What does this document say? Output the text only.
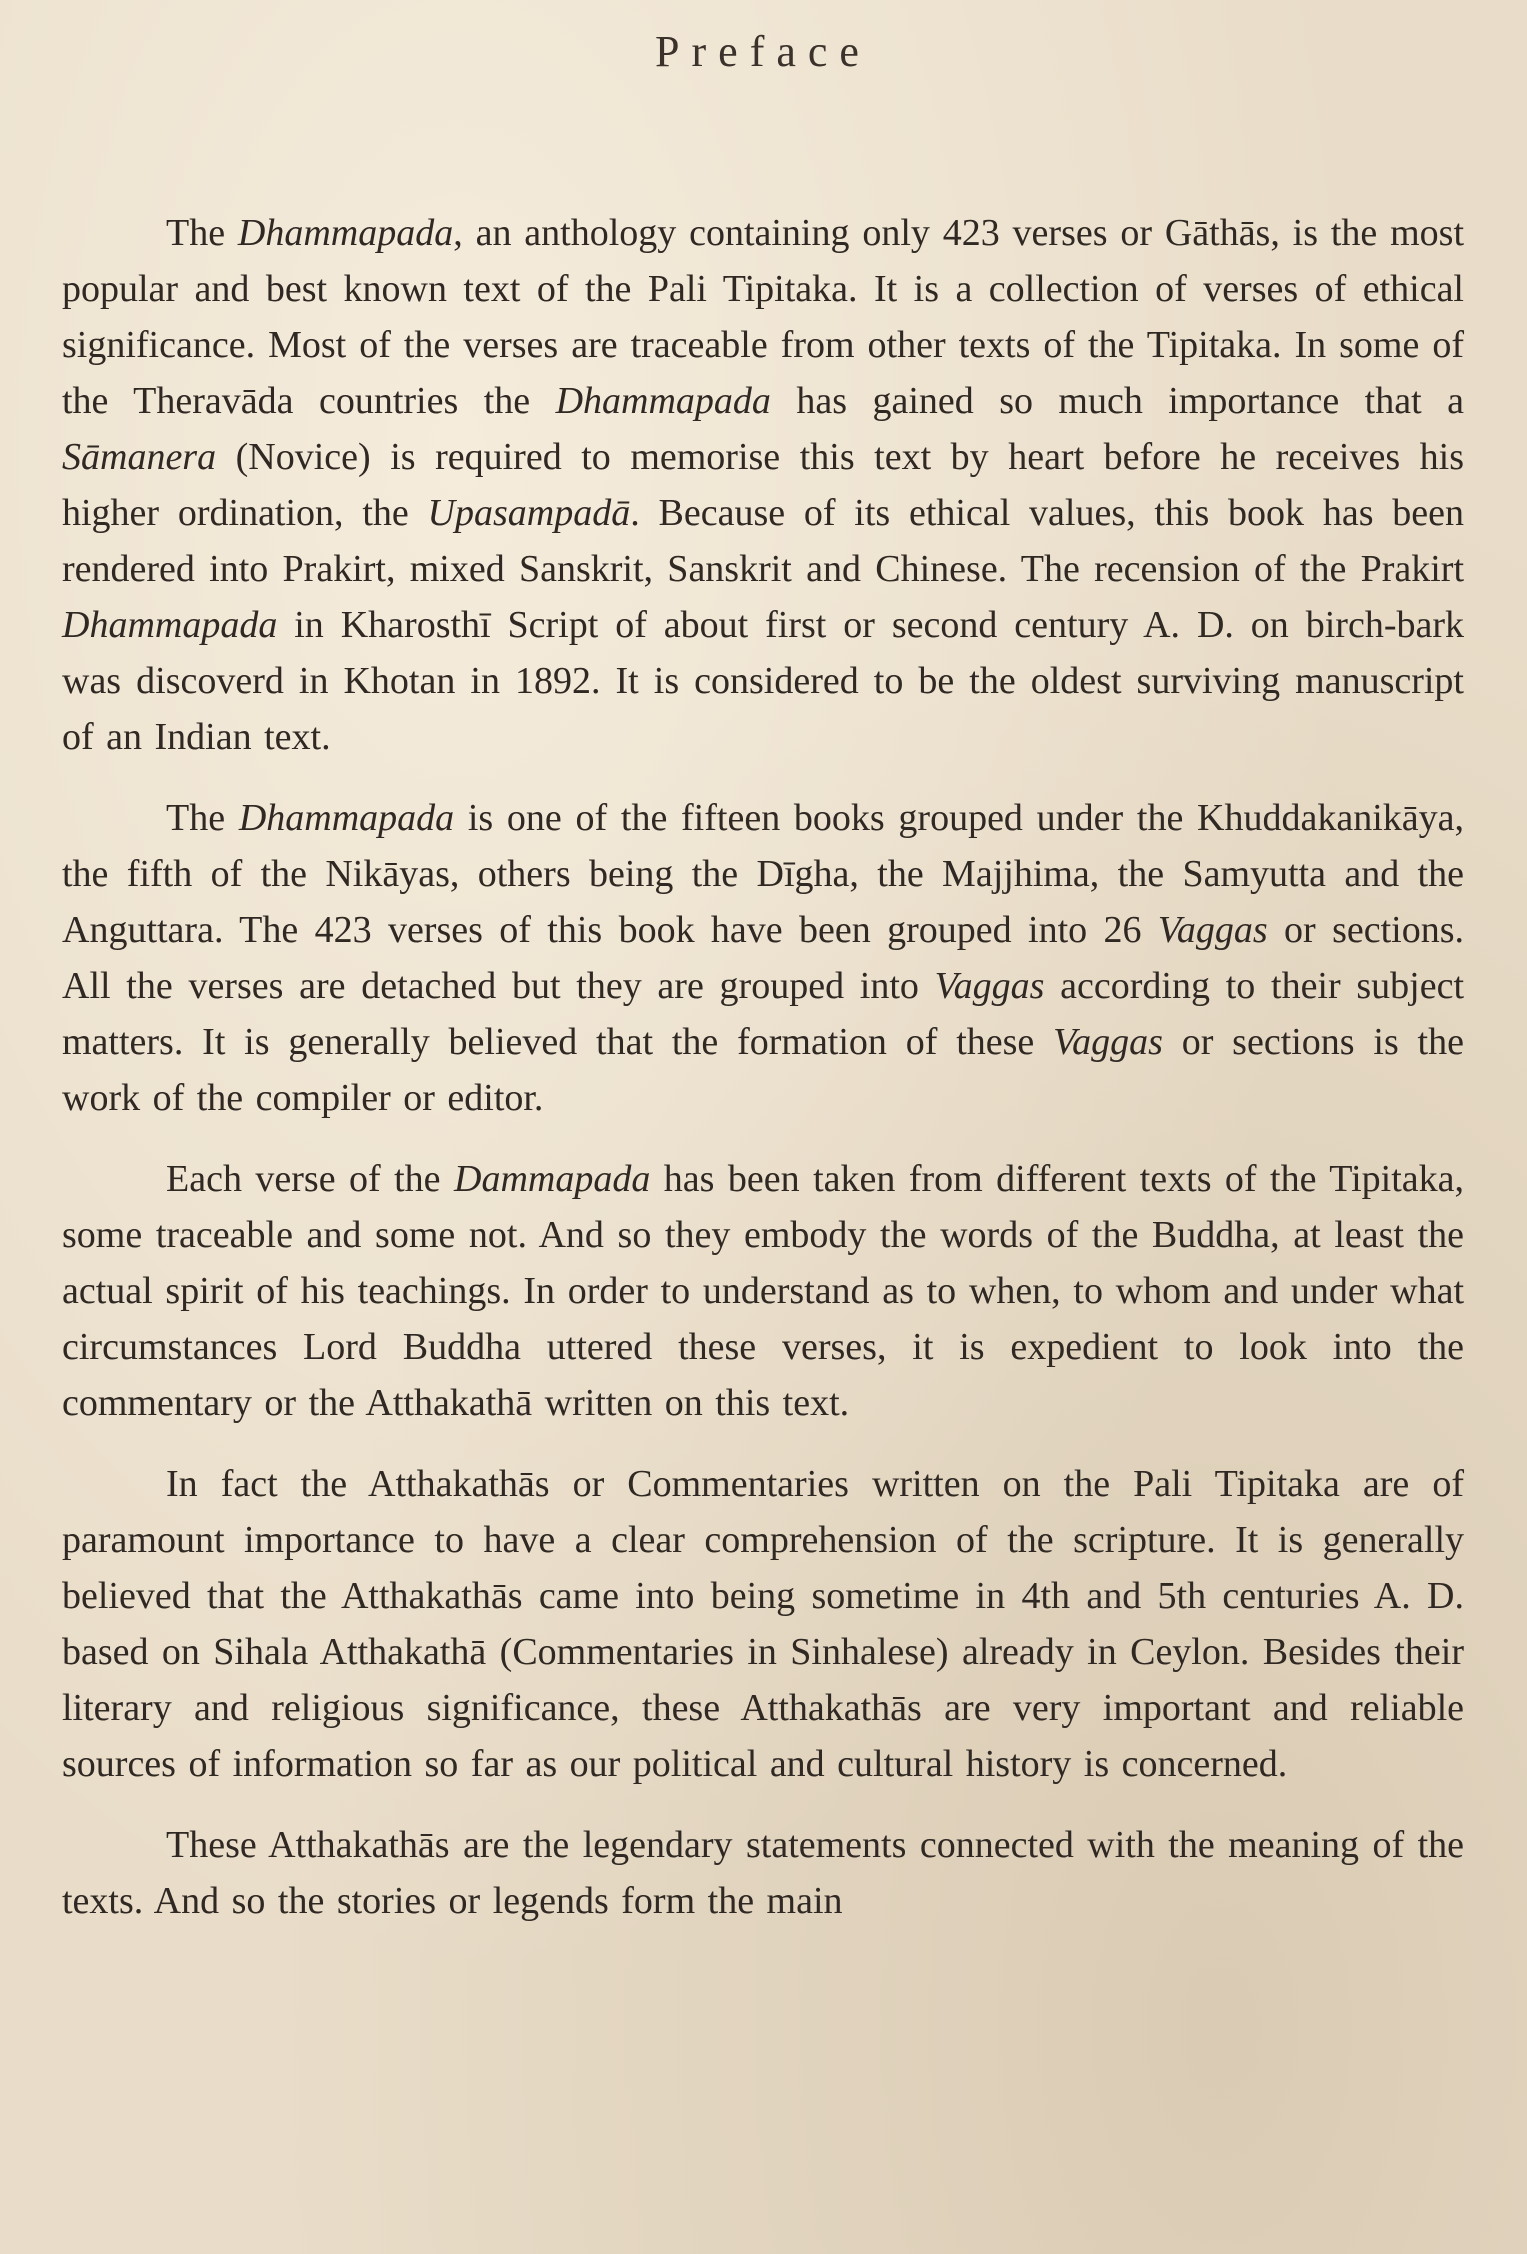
Preface

The Dhammapada, an anthology containing only 423 verses or Gāthās, is the most popular and best known text of the Pali Tipitaka. It is a collection of verses of ethical significance. Most of the verses are traceable from other texts of the Tipitaka. In some of the Theravāda countries the Dhammapada has gained so much importance that a Sāmanera (Novice) is required to memorise this text by heart before he receives his higher ordination, the Upasampadā. Because of its ethical values, this book has been rendered into Prakirt, mixed Sanskrit, Sanskrit and Chinese. The recension of the Prakirt Dhammapada in Kharosthī Script of about first or second century A. D. on birch-bark was discoverd in Khotan in 1892. It is considered to be the oldest surviving manuscript of an Indian text.

The Dhammapada is one of the fifteen books grouped under the Khuddakanikāya, the fifth of the Nikāyas, others being the Dīgha, the Majjhima, the Samyutta and the Anguttara. The 423 verses of this book have been grouped into 26 Vaggas or sections. All the verses are detached but they are grouped into Vaggas according to their subject matters. It is generally believed that the formation of these Vaggas or sections is the work of the compiler or editor.

Each verse of the Dammapada has been taken from different texts of the Tipitaka, some traceable and some not. And so they embody the words of the Buddha, at least the actual spirit of his teachings. In order to understand as to when, to whom and under what circumstances Lord Buddha uttered these verses, it is expedient to look into the commentary or the Atthakathā written on this text.

In fact the Atthakathās or Commentaries written on the Pali Tipitaka are of paramount importance to have a clear comprehension of the scripture. It is generally believed that the Atthakathās came into being sometime in 4th and 5th centuries A. D. based on Sihala Atthakathā (Commentaries in Sinhalese) already in Ceylon. Besides their literary and religious significance, these Atthakathās are very important and reliable sources of information so far as our political and cultural history is concerned.

These Atthakathās are the legendary statements connected with the meaning of the texts. And so the stories or legends form the main
